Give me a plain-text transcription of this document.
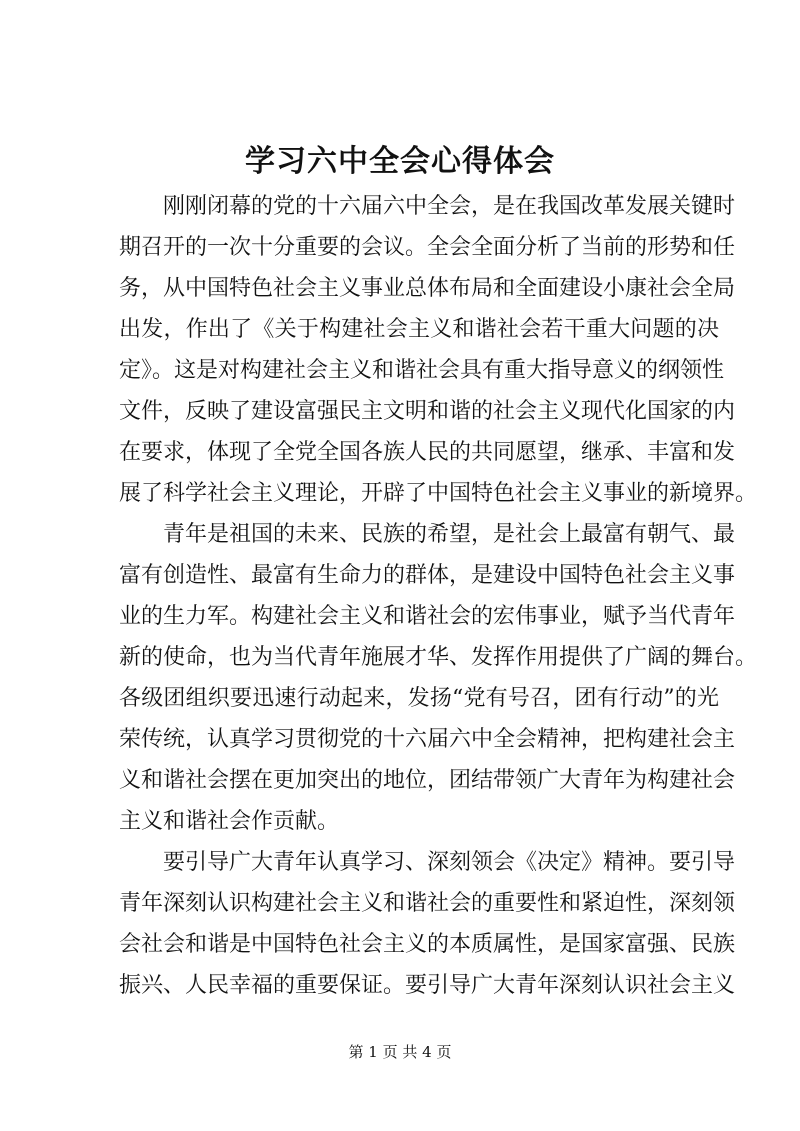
学习六中全会心得体会

刚刚闭幕的党的十六届六中全会，是在我国改革发展关键时
期召开的一次十分重要的会议。全会全面分析了当前的形势和任
务，从中国特色社会主义事业总体布局和全面建设小康社会全局
出发，作出了《关于构建社会主义和谐社会若干重大问题的决
定》。这是对构建社会主义和谐社会具有重大指导意义的纲领性
文件，反映了建设富强民主文明和谐的社会主义现代化国家的内
在要求，体现了全党全国各族人民的共同愿望，继承、丰富和发
展了科学社会主义理论，开辟了中国特色社会主义事业的新境界。

青年是祖国的未来、民族的希望，是社会上最富有朝气、最
富有创造性、最富有生命力的群体，是建设中国特色社会主义事
业的生力军。构建社会主义和谐社会的宏伟事业，赋予当代青年
新的使命，也为当代青年施展才华、发挥作用提供了广阔的舞台。
各级团组织要迅速行动起来，发扬“党有号召，团有行动”的光
荣传统，认真学习贯彻党的十六届六中全会精神，把构建社会主
义和谐社会摆在更加突出的地位，团结带领广大青年为构建社会
主义和谐社会作贡献。

要引导广大青年认真学习、深刻领会《决定》精神。要引导
青年深刻认识构建社会主义和谐社会的重要性和紧迫性，深刻领
会社会和谐是中国特色社会主义的本质属性，是国家富强、民族
振兴、人民幸福的重要保证。要引导广大青年深刻认识社会主义

第 1 页 共 4 页
